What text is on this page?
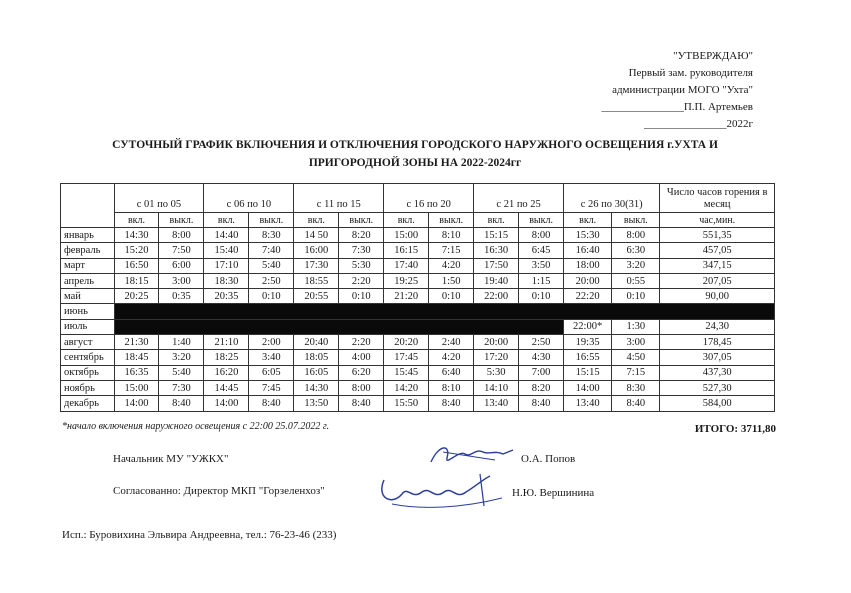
"УТВЕРЖДАЮ"
Первый зам. руководителя
администрации МОГО "Ухта"
_______________П.П. Артемьев
_______________2022г
СУТОЧНЫЙ ГРАФИК ВКЛЮЧЕНИЯ И ОТКЛЮЧЕНИЯ ГОРОДСКОГО НАРУЖНОГО ОСВЕЩЕНИЯ г.УХТА И
ПРИГОРОДНОЙ ЗОНЫ НА 2022-2024гг
	с 01 по 05		с 06 по 10		с 11 по 15		с 16 по 20		с 21 по 25		с 26 по 30(31)		Число часов горения в месяц
	вкл.	выкл.	вкл.	выкл.	вкл.	выкл.	вкл.	выкл.	вкл.	выкл.	вкл.	выкл.	час,мин.
январь	14:30	8:00	14:40	8:30	14 50	8:20	15:00	8:10	15:15	8:00	15:30	8:00	551,35
февраль	15:20	7:50	15:40	7:40	16:00	7:30	16:15	7:15	16:30	6:45	16:40	6:30	457,05
март	16:50	6:00	17:10	5:40	17:30	5:30	17:40	4:20	17:50	3:50	18:00	3:20	347,15
апрель	18:15	3:00	18:30	2:50	18:55	2:20	19:25	1:50	19:40	1:15	20:00	0:55	207,05
май	20:25	0:35	20:35	0:10	20:55	0:10	21:20	0:10	22:00	0:10	22:20	0:10	90,00
июнь													
июль											22:00*	1:30	24,30
август	21:30	1:40	21:10	2:00	20:40	2:20	20:20	2:40	20:00	2:50	19:35	3:00	178,45
сентябрь	18:45	3:20	18:25	3:40	18:05	4:00	17:45	4:20	17:20	4:30	16:55	4:50	307,05
октябрь	16:35	5:40	16:20	6:05	16:05	6:20	15:45	6:40	5:30	7:00	15:15	7:15	437,30
ноябрь	15:00	7:30	14:45	7:45	14:30	8:00	14:20	8:10	14:10	8:20	14:00	8:30	527,30
декабрь	14:00	8:40	14:00	8:40	13:50	8:40	15:50	8:40	13:40	8:40	13:40	8:40	584,00
*начало включения наружного освещения с 22:00 25.07.2022 г.	ИТОГО: 3711,80
Начальник МУ "УЖКХ"	О.А. Попов
Согласованно: Директор МКП "Горзеленхоз"	Н.Ю. Вершинина
Исп.: Буровихина Эльвира Андреевна, тел.: 76-23-46 (233)
